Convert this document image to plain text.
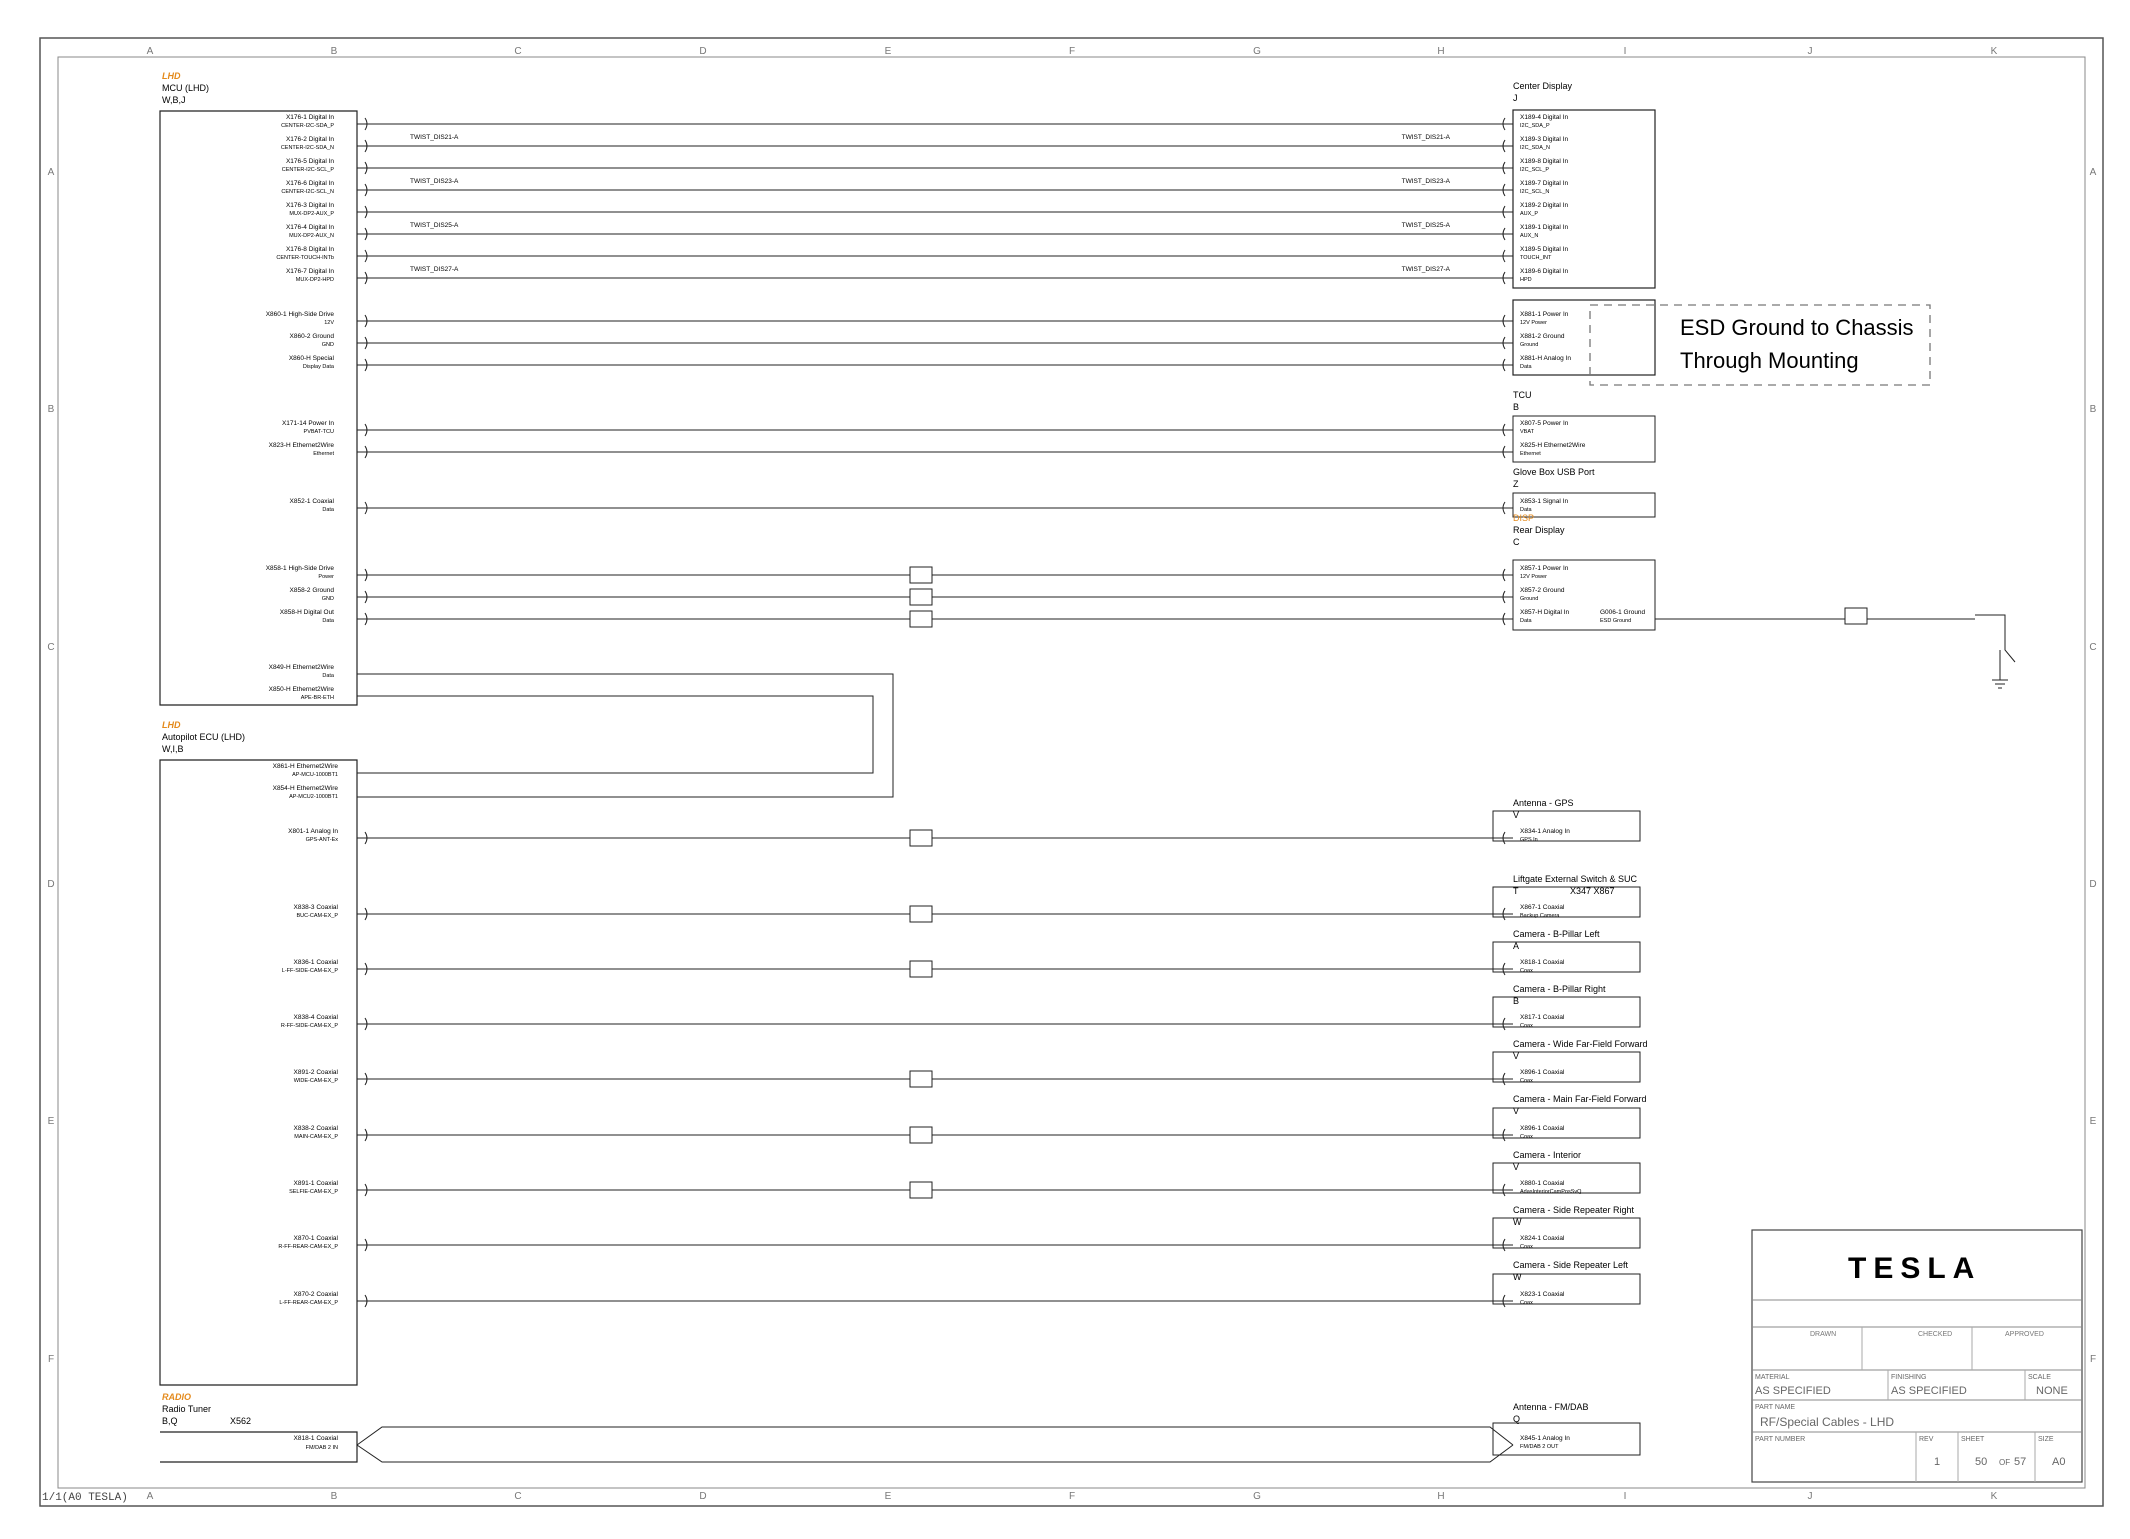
A
A
B
B
C
C
D
D
E
E
F
F
G
G
H
H
I
I
J
J
K
K
A	A
B	B
C	C
D	D
E	E
F	F
LHD
MCU (LHD)
W,B,J
LHD
Autopilot ECU (LHD)
W,I,B
RADIO
Radio Tuner
B,Q	X562
X176-1 Digital In
CENTER-I2C-SDA_P
X176-2 Digital In
CENTER-I2C-SDA_N
X176-5 Digital In
CENTER-I2C-SCL_P
X176-6 Digital In
CENTER-I2C-SCL_N
X176-3 Digital In
MUX-DP2-AUX_P
X176-4 Digital In
MUX-DP2-AUX_N
X176-8 Digital In
CENTER-TOUCH-INTb
X176-7 Digital In
MUX-DP2-HPD
X860-1 High-Side Drive
12V
X860-2 Ground
GND
X860-H Special
Display Data
X171-14 Power In
PVBAT-TCU
X823-H Ethernet2Wire
Ethernet
X852-1 Coaxial
Data
X858-1 High-Side Drive
Power
X858-2 Ground
GND
X858-H Digital Out
Data
X849-H Ethernet2Wire
Data
X850-H Ethernet2Wire
APE-BR-ETH
X861-H Ethernet2Wire
AP-MCU-1000BT1
X854-H Ethernet2Wire
AP-MCU2-1000BT1
X801-1 Analog In
GPS-ANT-Ex
X838-3 Coaxial
BUC-CAM-EX_P
X836-1 Coaxial
L-FF-SIDE-CAM-EX_P
X838-4 Coaxial
R-FF-SIDE-CAM-EX_P
X891-2 Coaxial
WIDE-CAM-EX_P
X838-2 Coaxial
MAIN-CAM-EX_P
X891-1 Coaxial
SELFIE-CAM-EX_P
X870-1 Coaxial
R-FF-REAR-CAM-EX_P
X870-2 Coaxial
L-FF-REAR-CAM-EX_P
X818-1 Coaxial
FM/DAB 2 IN
Center Display
J
TCU
B
Glove Box USB Port
Z
DISP
Rear Display
C
Antenna - GPS
V
Liftgate External Switch & SUC
T	X347 X867
Camera - B-Pillar Left
A
Camera - B-Pillar Right
B
Camera - Wide Far-Field Forward
V
Camera - Main Far-Field Forward
V
Camera - Interior
V
Camera - Side Repeater Right
W
Camera - Side Repeater Left
W
Antenna - FM/DAB
Q
X189-4 Digital In
I2C_SDA_P
X189-3 Digital In
I2C_SDA_N
X189-8 Digital In
I2C_SCL_P
X189-7 Digital In
I2C_SCL_N
X189-2 Digital In
AUX_P
X189-1 Digital In
AUX_N
X189-5 Digital In
TOUCH_INT
X189-6 Digital In
HPD
X881-1 Power In
12V Power
X881-2 Ground
Ground
X881-H Analog In
Data
X807-5 Power In
VBAT
X825-H Ethernet2Wire
Ethernet
X853-1 Signal In
Data
X857-1 Power In
12V Power
X857-2 Ground
Ground
X857-H Digital In
Data
X834-1 Analog In
GPS In
X867-1 Coaxial
Backup Camera
X818-1 Coaxial
Coax
X817-1 Coaxial
Coax
X896-1 Coaxial
Coax
X896-1 Coaxial
Coax
X880-1 Coaxial
AdasInteriorCamPosSvQ
X824-1 Coaxial
Coax
X823-1 Coaxial
Coax
X845-1 Analog In
FM/DAB 2 OUT
TWIST_DIS21-A	TWIST_DIS21-A
TWIST_DIS23-A	TWIST_DIS23-A
TWIST_DIS25-A	TWIST_DIS25-A
TWIST_DIS27-A	TWIST_DIS27-A
G006-1 Ground
ESD Ground
ESD Ground to Chassis
Through Mounting
TESLA
DRAWN	CHECKED	APPROVED
MATERIAL
AS SPECIFIED
FINISHING
AS SPECIFIED
SCALE
NONE
PART NAME
RF/Special Cables - LHD
PART NUMBER	REV
1
SHEET
50 OF 57
SIZE
A0
1/1(A0 TESLA)
